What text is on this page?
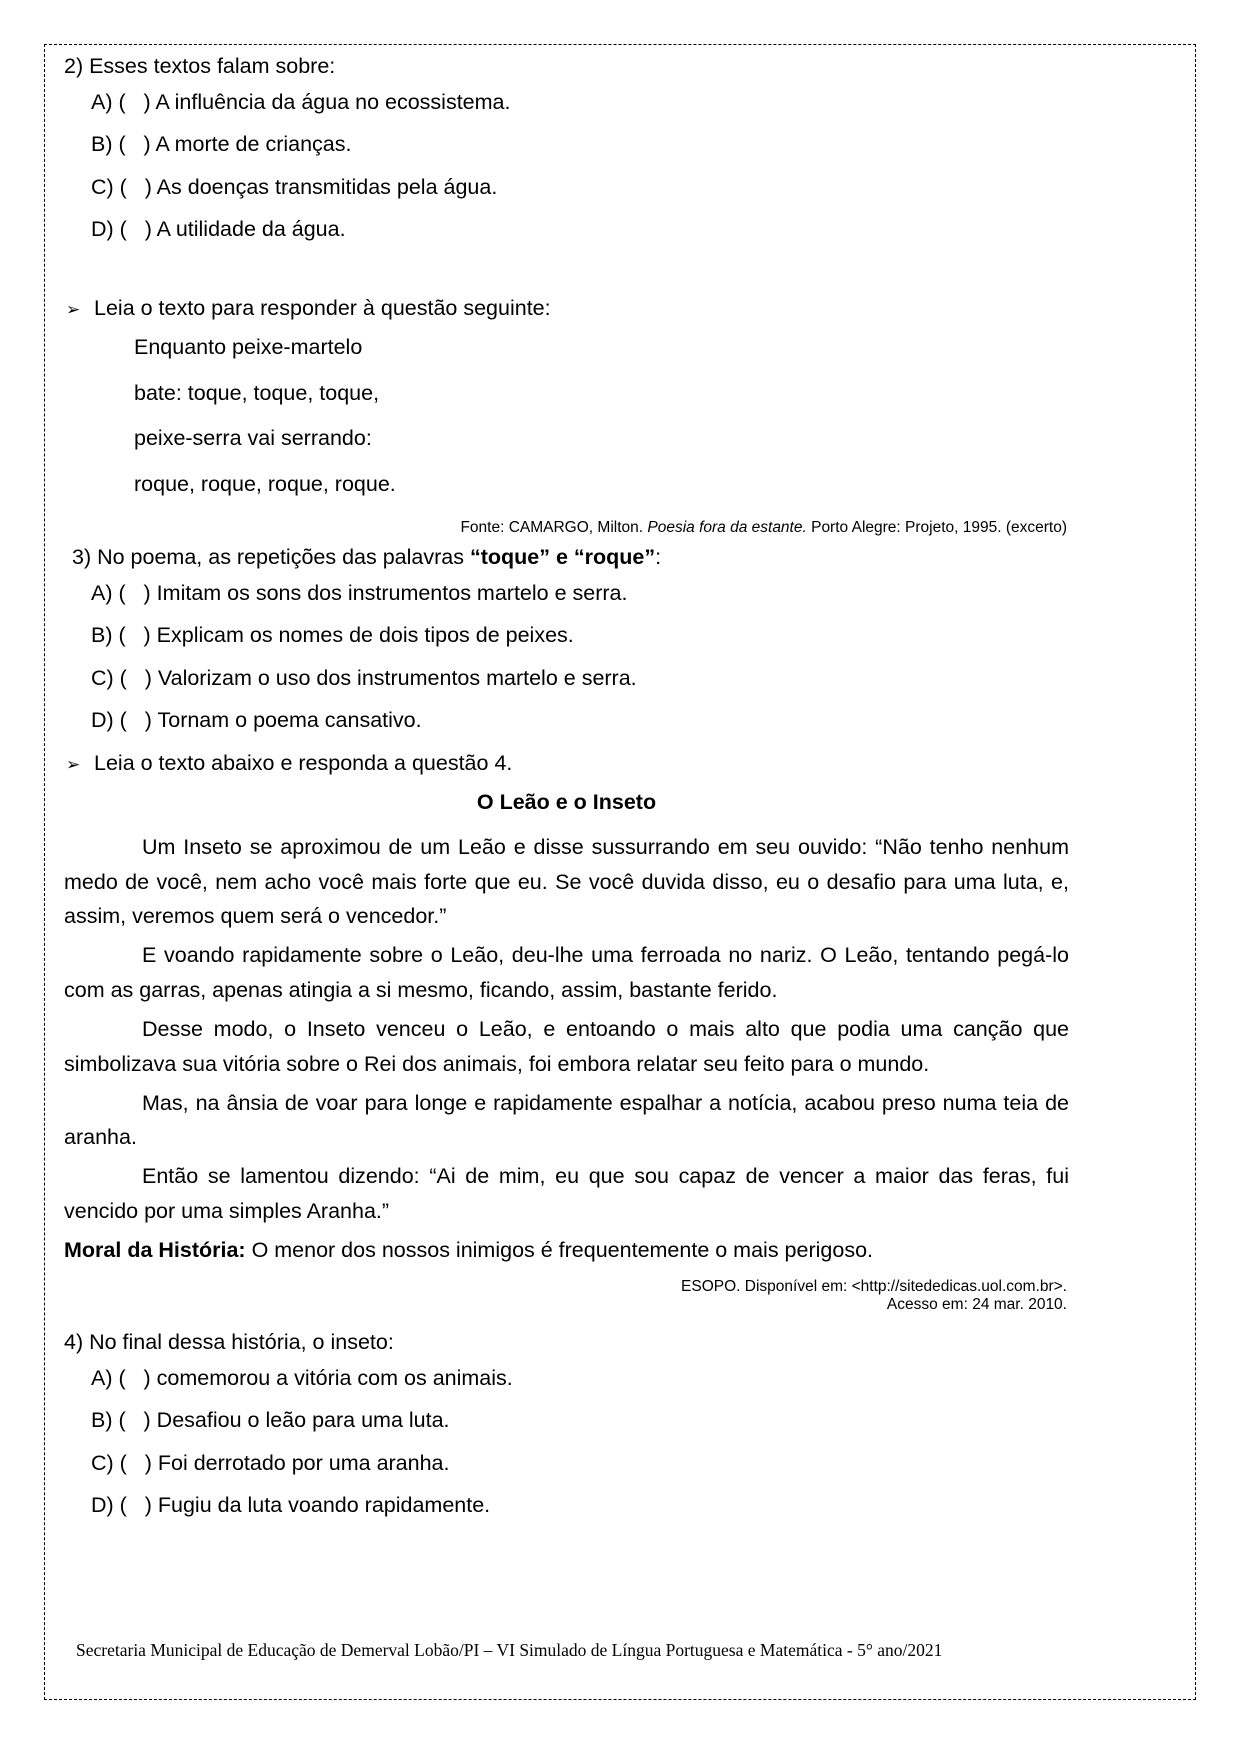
2) Esses textos falam sobre:

A) (   ) A influência da água no ecossistema.

B) (   ) A morte de crianças.

C) (   ) As doenças transmitidas pela água.

D) (   ) A utilidade da água.

➢ Leia o texto para responder à questão seguinte:

Enquanto peixe-martelo

bate: toque, toque, toque,

peixe-serra vai serrando:

roque, roque, roque, roque.

Fonte: CAMARGO, Milton. Poesia fora da estante. Porto Alegre: Projeto, 1995. (excerto)

3) No poema, as repetições das palavras “toque” e “roque”:

A) (   ) Imitam os sons dos instrumentos martelo e serra.

B) (   ) Explicam os nomes de dois tipos de peixes.

C) (   ) Valorizam o uso dos instrumentos martelo e serra.

D) (   ) Tornam o poema cansativo.

➢ Leia o texto abaixo e responda a questão 4.

O Leão e o Inseto

Um Inseto se aproximou de um Leão e disse sussurrando em seu ouvido: “Não tenho nenhum medo de você, nem acho você mais forte que eu. Se você duvida disso, eu o desafio para uma luta, e, assim, veremos quem será o vencedor.”

E voando rapidamente sobre o Leão, deu-lhe uma ferroada no nariz. O Leão, tentando pegá-lo com as garras, apenas atingia a si mesmo, ficando, assim, bastante ferido.

Desse modo, o Inseto venceu o Leão, e entoando o mais alto que podia uma canção que simbolizava sua vitória sobre o Rei dos animais, foi embora relatar seu feito para o mundo.

Mas, na ânsia de voar para longe e rapidamente espalhar a notícia, acabou preso numa teia de aranha.

Então se lamentou dizendo: “Ai de mim, eu que sou capaz de vencer a maior das feras, fui vencido por uma simples Aranha.”

Moral da História: O menor dos nossos inimigos é frequentemente o mais perigoso.

ESOPO. Disponível em: <http://sitededicas.uol.com.br>.
Acesso em: 24 mar. 2010.

4) No final dessa história, o inseto:

A) (   ) comemorou a vitória com os animais.

B) (   ) Desafiou o leão para uma luta.

C) (   ) Foi derrotado por uma aranha.

D) (   ) Fugiu da luta voando rapidamente.

Secretaria Municipal de Educação de Demerval Lobão/PI – VI Simulado de Língua Portuguesa e Matemática - 5° ano/2021
